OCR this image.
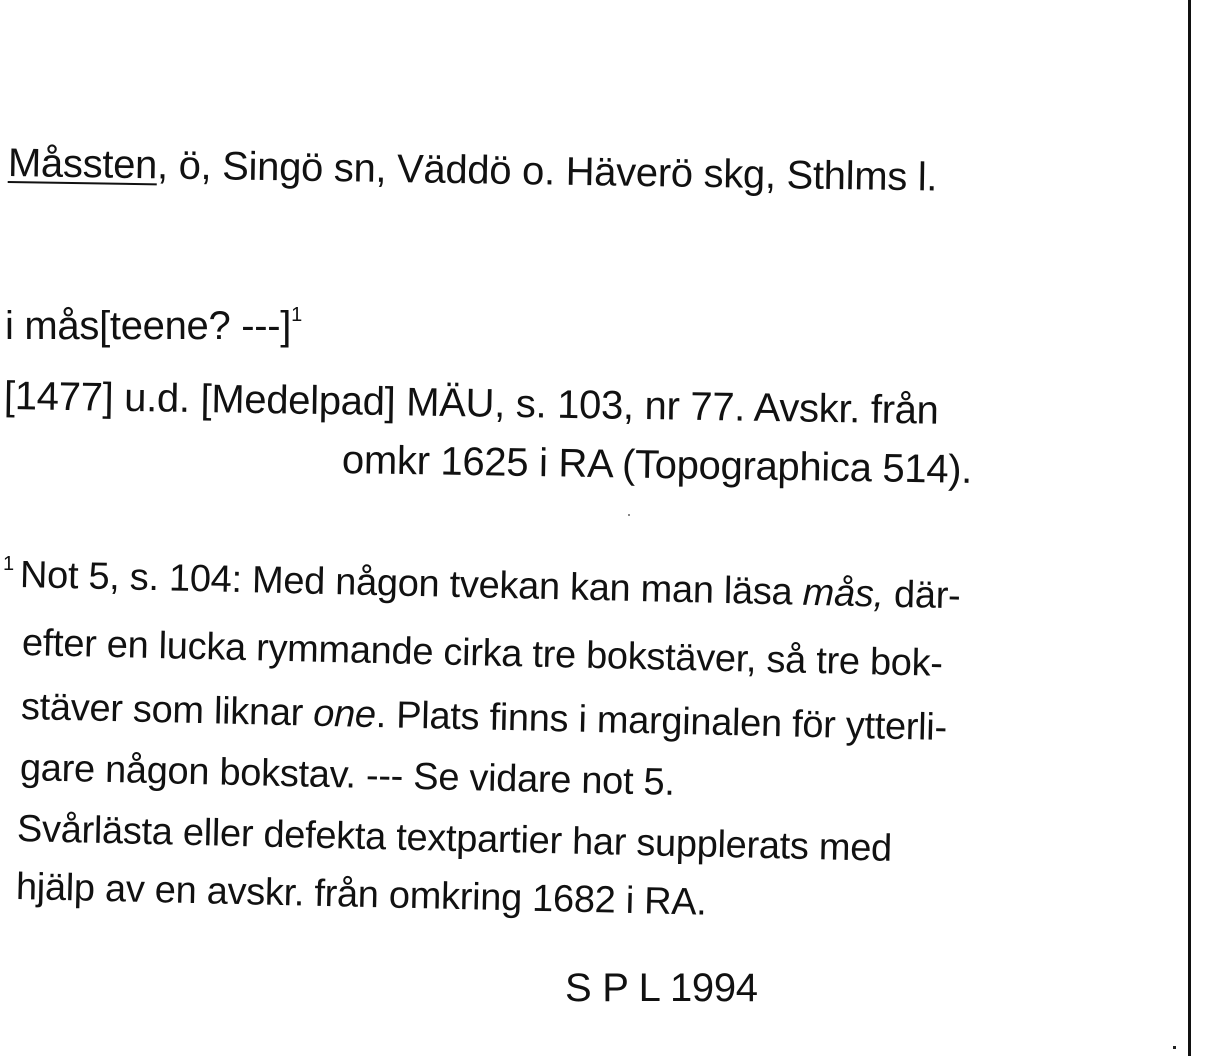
Måssten, ö, Singö sn, Väddö o. Häverö skg, Sthlms l.
i mås[teene? ---]$^1$
[1477] u.d. [Medelpad] MÄU, s. 103, nr 77. Avskr. från
omkr 1625 i RA (Topographica 514).
1 Not 5, s. 104: Med någon tvekan kan man läsa mås, där-
efter en lucka rymmande cirka tre bokstäver, så tre bok-
stäver som liknar one. Plats finns i marginalen för ytterli-
gare någon bokstav. --- Se vidare not 5.
Svårlästa eller defekta textpartier har supplerats med
hjälp av en avskr. från omkring 1682 i RA.
S P L 1994
